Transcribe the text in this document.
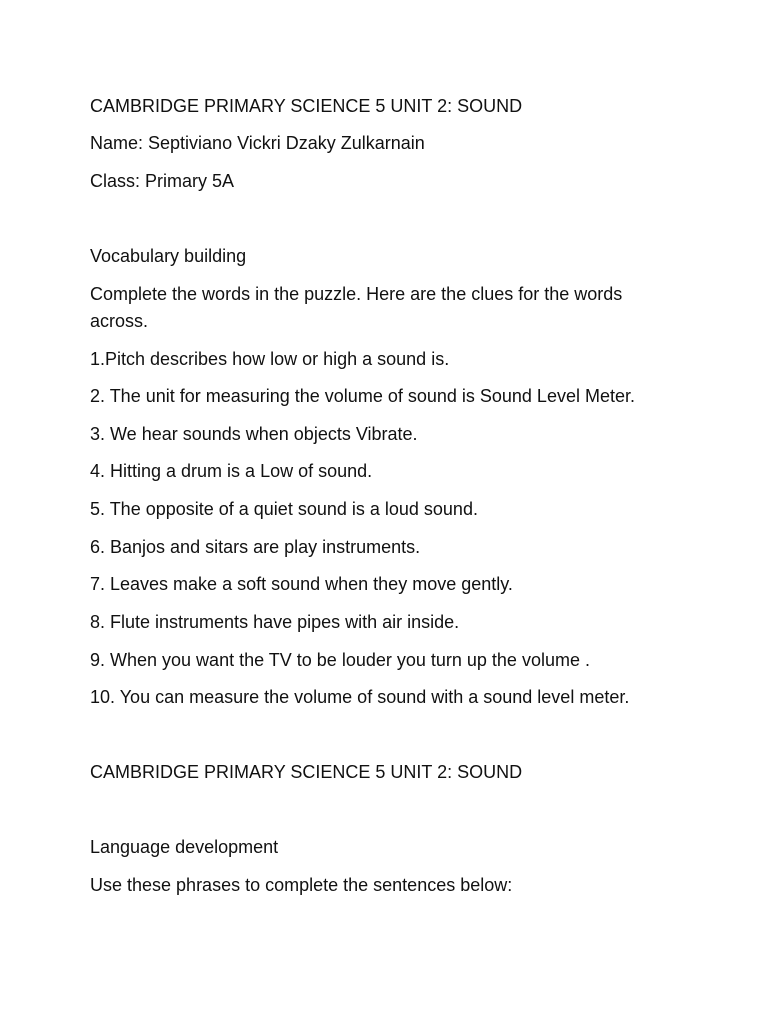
CAMBRIDGE PRIMARY SCIENCE 5 UNIT 2: SOUND

Name: Septiviano Vickri Dzaky Zulkarnain

Class: Primary 5A

Vocabulary building

Complete the words in the puzzle. Here are the clues for the words across.

1.Pitch describes how low or high a sound is.

2. The unit for measuring the volume of sound is Sound Level Meter.

3. We hear sounds when objects Vibrate.

4. Hitting a drum is a Low of sound.

5. The opposite of a quiet sound is a loud sound.

6. Banjos and sitars are play instruments.

7. Leaves make a soft sound when they move gently.

8. Flute instruments have pipes with air inside.

9. When you want the TV to be louder you turn up the volume .

10. You can measure the volume of sound with a sound level meter.

CAMBRIDGE PRIMARY SCIENCE 5 UNIT 2: SOUND

Language development

Use these phrases to complete the sentences below:
